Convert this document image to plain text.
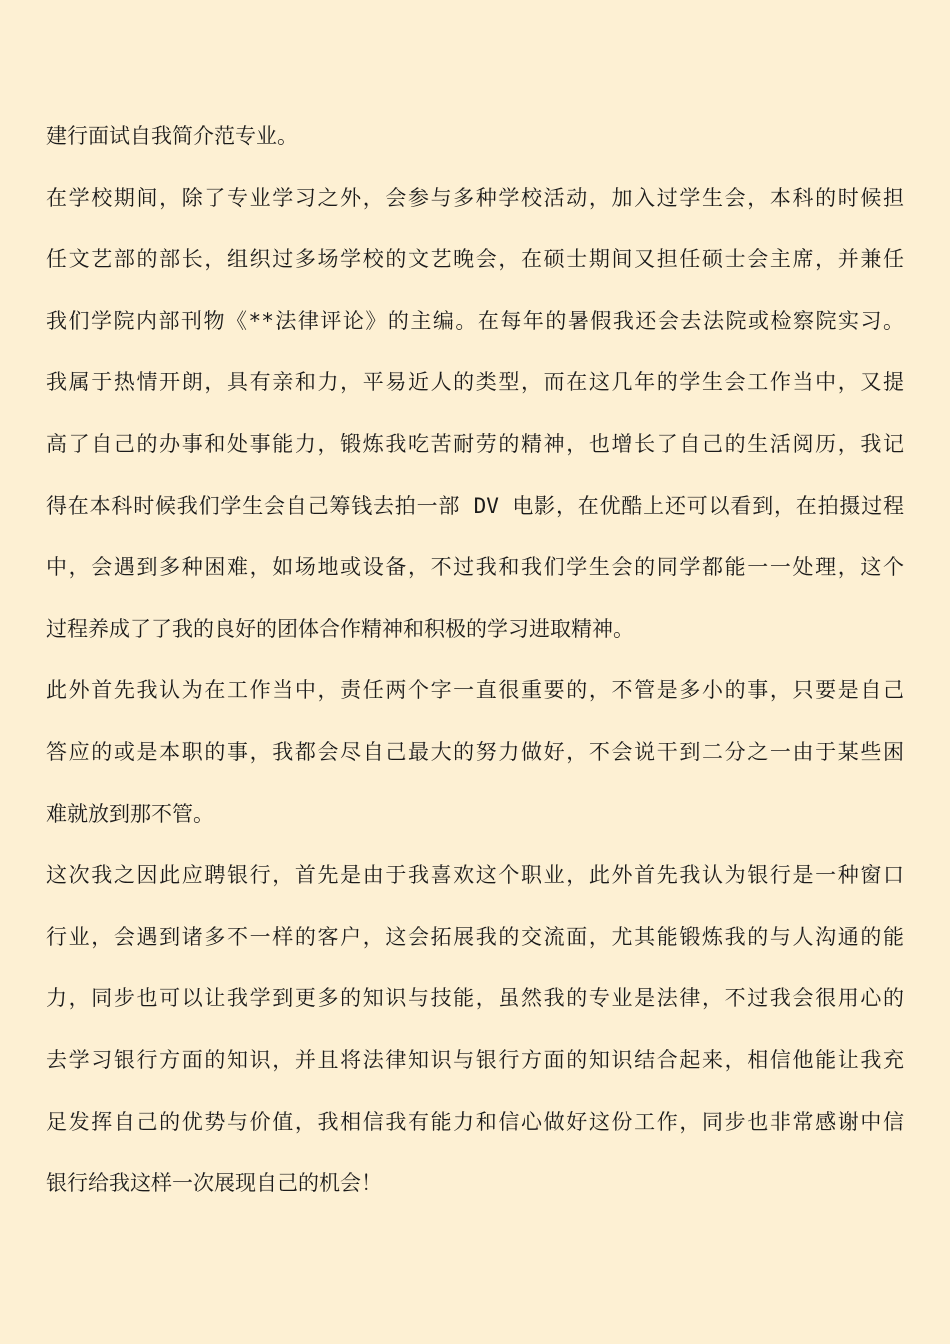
建行面试自我简介范专业。
在学校期间，除了专业学习之外，会参与多种学校活动，加入过学生会，本科的时候担
任文艺部的部长，组织过多场学校的文艺晚会，在硕士期间又担任硕士会主席，并兼任
我们学院内部刊物《**法律评论》的主编。在每年的暑假我还会去法院或检察院实习。
我属于热情开朗，具有亲和力，平易近人的类型，而在这几年的学生会工作当中，又提
高了自己的办事和处事能力，锻炼我吃苦耐劳的精神，也增长了自己的生活阅历，我记
得在本科时候我们学生会自己筹钱去拍一部 DV 电影，在优酷上还可以看到，在拍摄过程
中，会遇到多种困难，如场地或设备，不过我和我们学生会的同学都能一一处理，这个
过程养成了了我的良好的团体合作精神和积极的学习进取精神。
此外首先我认为在工作当中，责任两个字一直很重要的，不管是多小的事，只要是自己
答应的或是本职的事，我都会尽自己最大的努力做好，不会说干到二分之一由于某些困
难就放到那不管。
这次我之因此应聘银行，首先是由于我喜欢这个职业，此外首先我认为银行是一种窗口
行业，会遇到诸多不一样的客户，这会拓展我的交流面，尤其能锻炼我的与人沟通的能
力，同步也可以让我学到更多的知识与技能，虽然我的专业是法律，不过我会很用心的
去学习银行方面的知识，并且将法律知识与银行方面的知识结合起来，相信他能让我充
足发挥自己的优势与价值，我相信我有能力和信心做好这份工作，同步也非常感谢中信
银行给我这样一次展现自己的机会！
